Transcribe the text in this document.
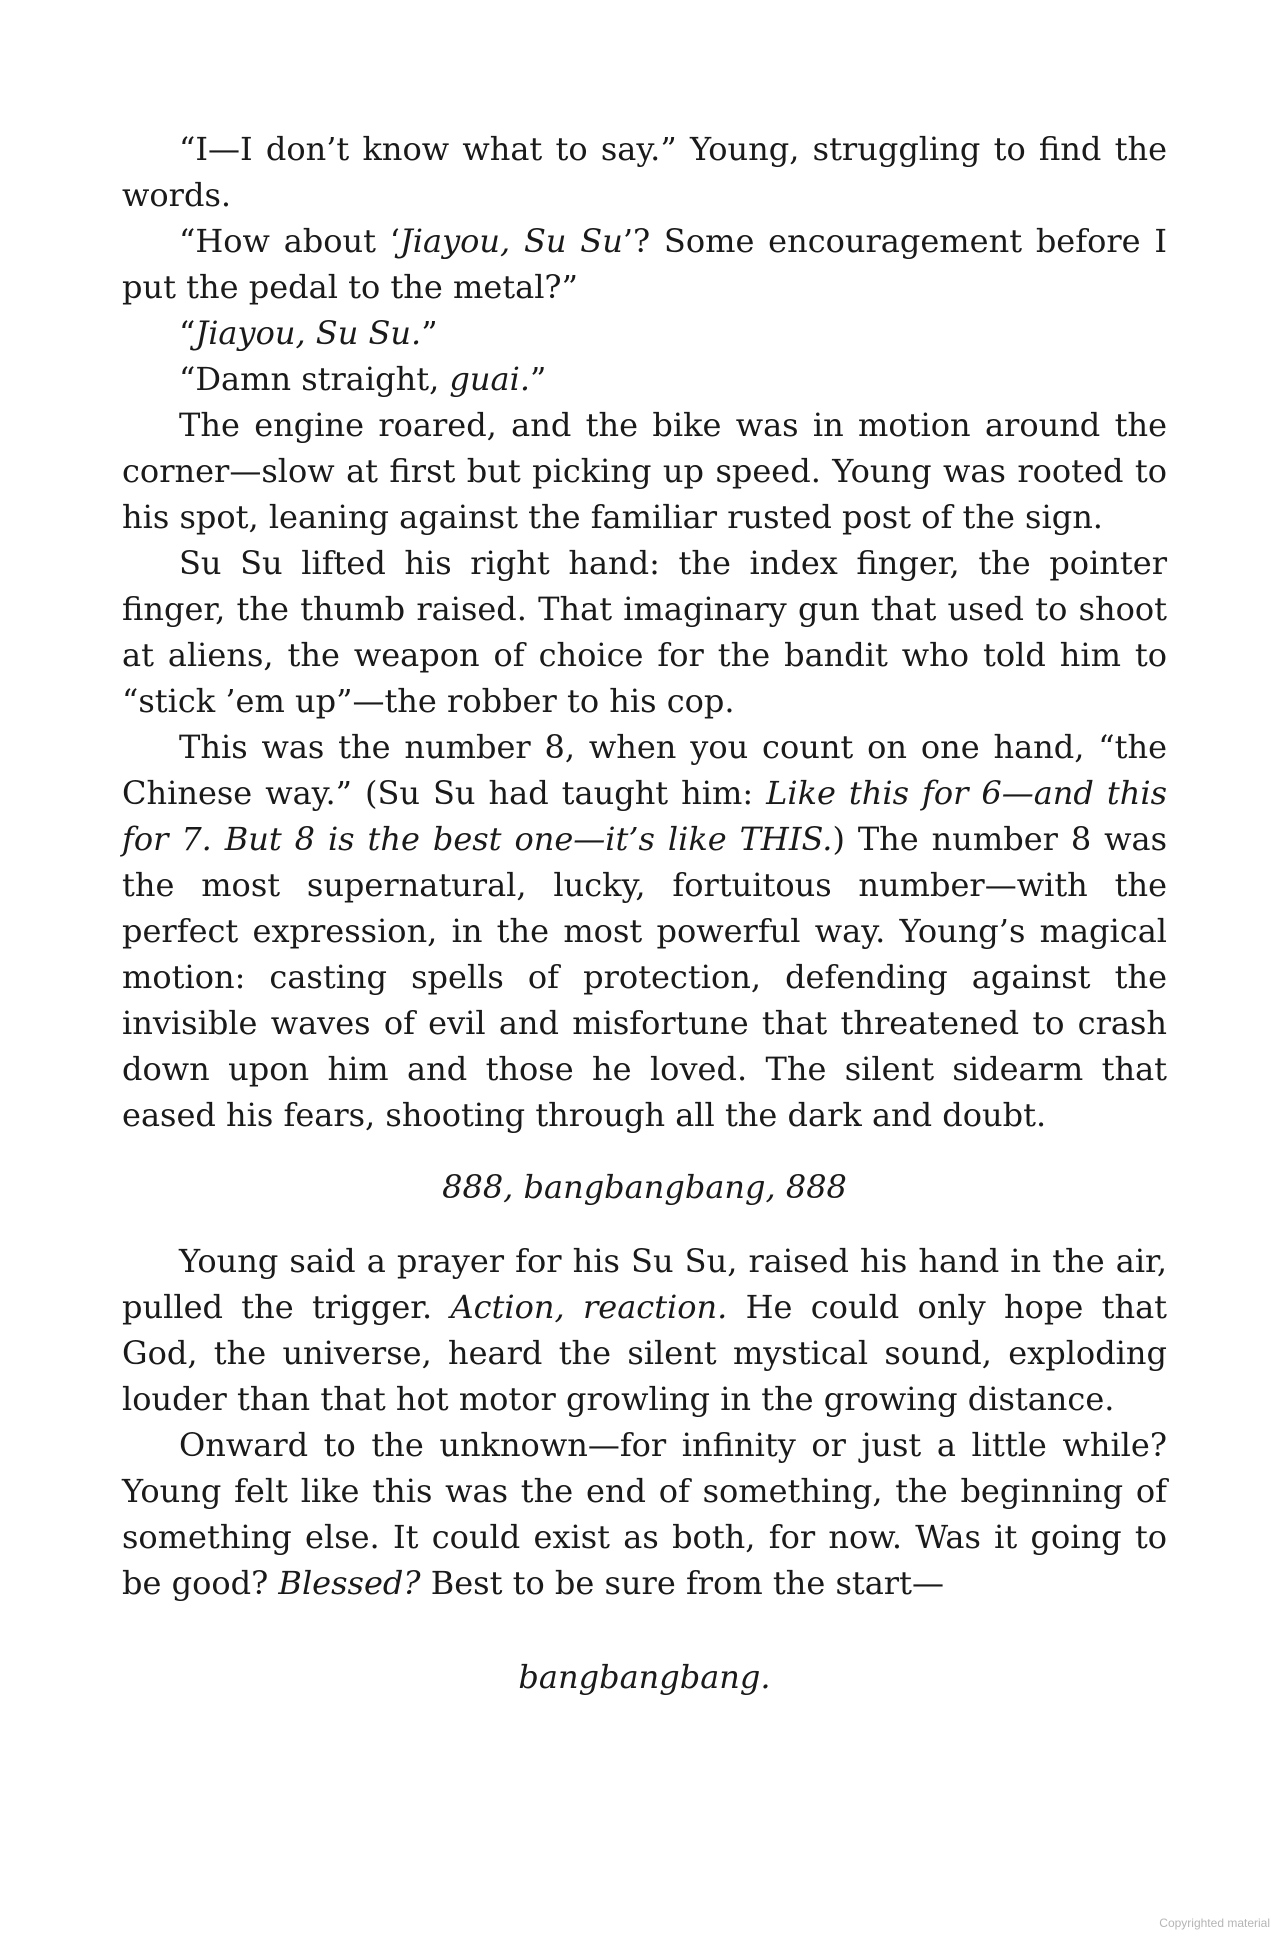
“I—I don’t know what to say.” Young, struggling to find the words.

“How about ‘Jiayou, Su Su’? Some encouragement before I put the pedal to the metal?”

“Jiayou, Su Su.”

“Damn straight, guai.”

The engine roared, and the bike was in motion around the corner—slow at first but picking up speed. Young was rooted to his spot, leaning against the familiar rusted post of the sign.

Su Su lifted his right hand: the index finger, the pointer finger, the thumb raised. That imaginary gun that used to shoot at aliens, the weapon of choice for the bandit who told him to “stick ’em up”—the robber to his cop.

This was the number 8, when you count on one hand, “the Chinese way.” (Su Su had taught him: Like this for 6—and this for 7. But 8 is the best one—it’s like THIS.) The number 8 was the most supernatural, lucky, fortuitous number—with the perfect expression, in the most powerful way. Young’s magical motion: casting spells of protection, defending against the invisible waves of evil and misfortune that threatened to crash down upon him and those he loved. The silent sidearm that eased his fears, shooting through all the dark and doubt.

888, bangbangbang, 888

Young said a prayer for his Su Su, raised his hand in the air, pulled the trigger. Action, reaction. He could only hope that God, the universe, heard the silent mystical sound, exploding louder than that hot motor growling in the growing distance.

Onward to the unknown—for infinity or just a little while? Young felt like this was the end of something, the beginning of something else. It could exist as both, for now. Was it going to be good? Blessed? Best to be sure from the start—

bangbangbang.

Copyrighted material
